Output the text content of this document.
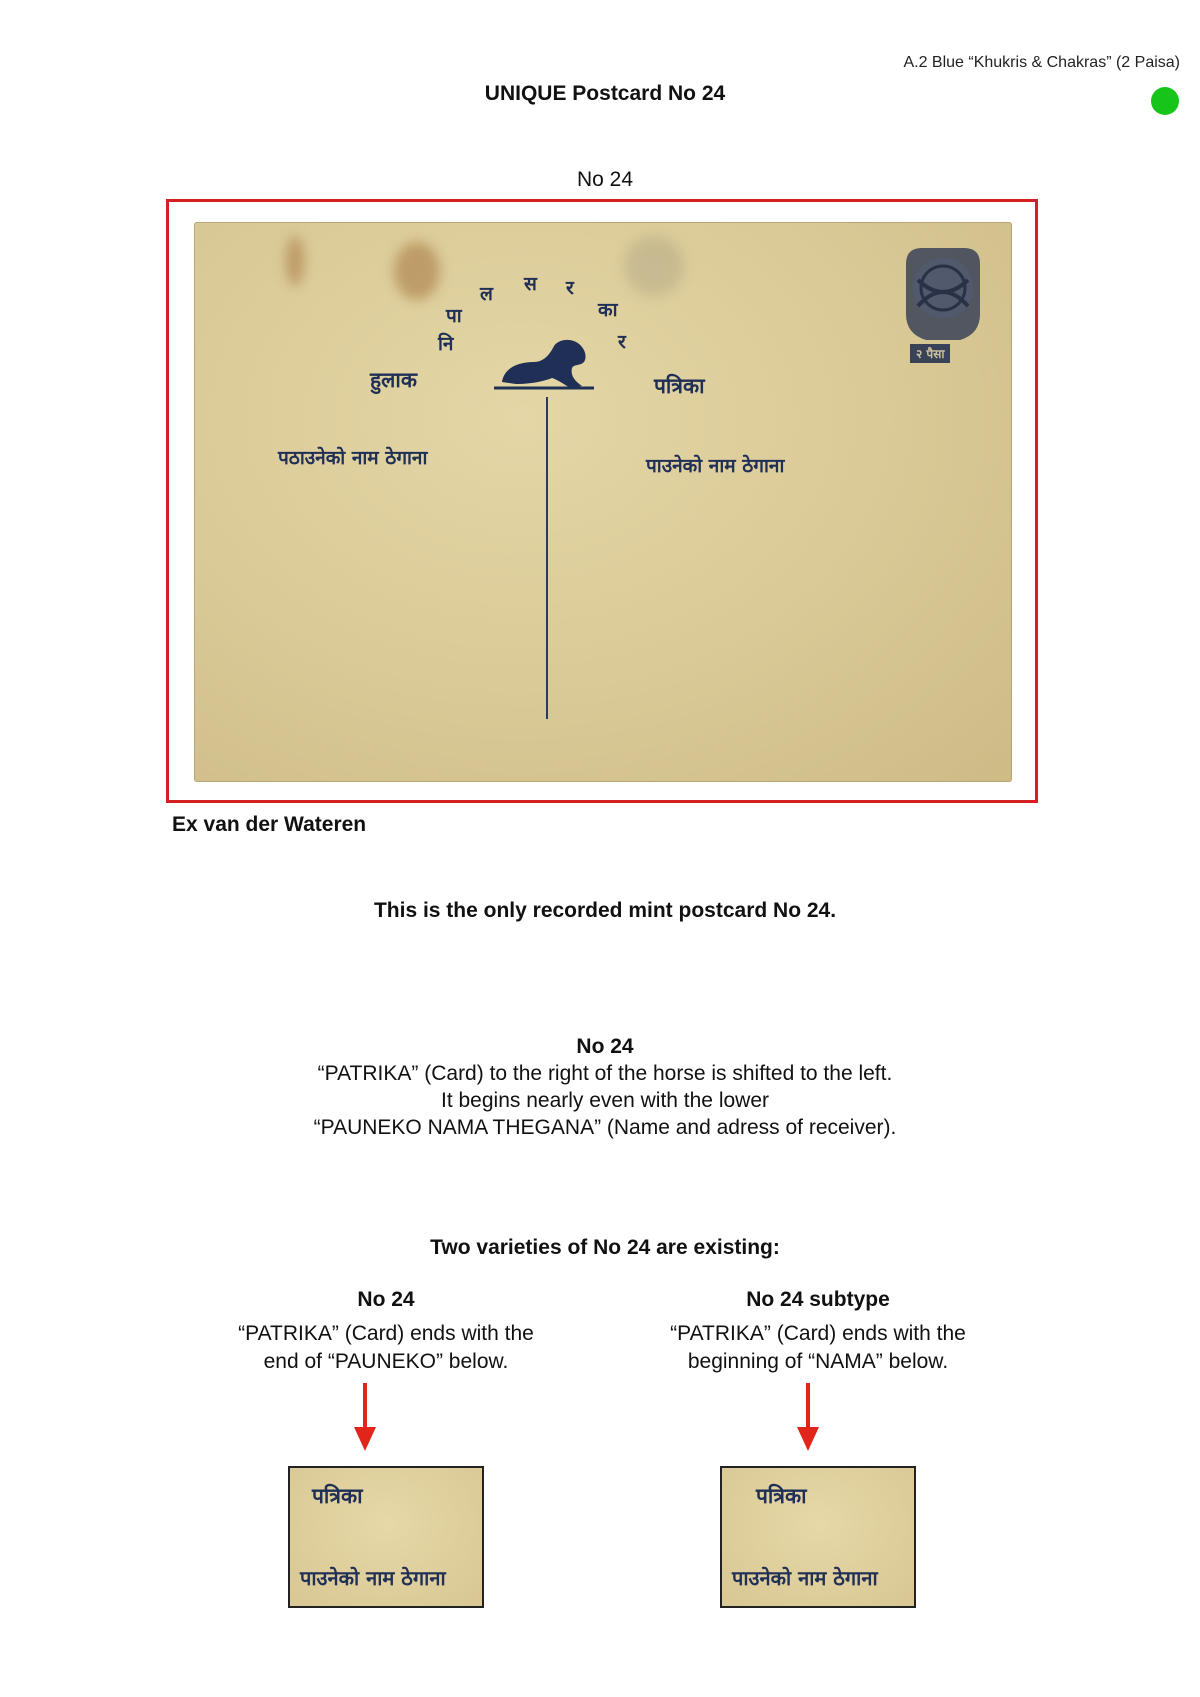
A.2 Blue “Khukris & Chakras” (2 Paisa)
UNIQUE Postcard No 24
No 24
नि
पा
ल स र
का
र
हुलाक	पत्रिका
पठाउनेको नाम ठेगाना	पाउनेको नाम ठेगाना
२ पैसा
Ex van der Wateren
This is the only recorded mint postcard No 24.
No 24
“PATRIKA” (Card) to the right of the horse is shifted to the left.
It begins nearly even with the lower
“PAUNEKO NAMA THEGANA” (Name and adress of receiver).
Two varieties of No 24 are existing:
No 24
“PATRIKA” (Card) ends with the
end of “PAUNEKO” below.
पत्रिका
पाउनेको नाम ठेगाना
No 24 subtype
“PATRIKA” (Card) ends with the
beginning of “NAMA” below.
पत्रिका
पाउनेको नाम ठेगाना
